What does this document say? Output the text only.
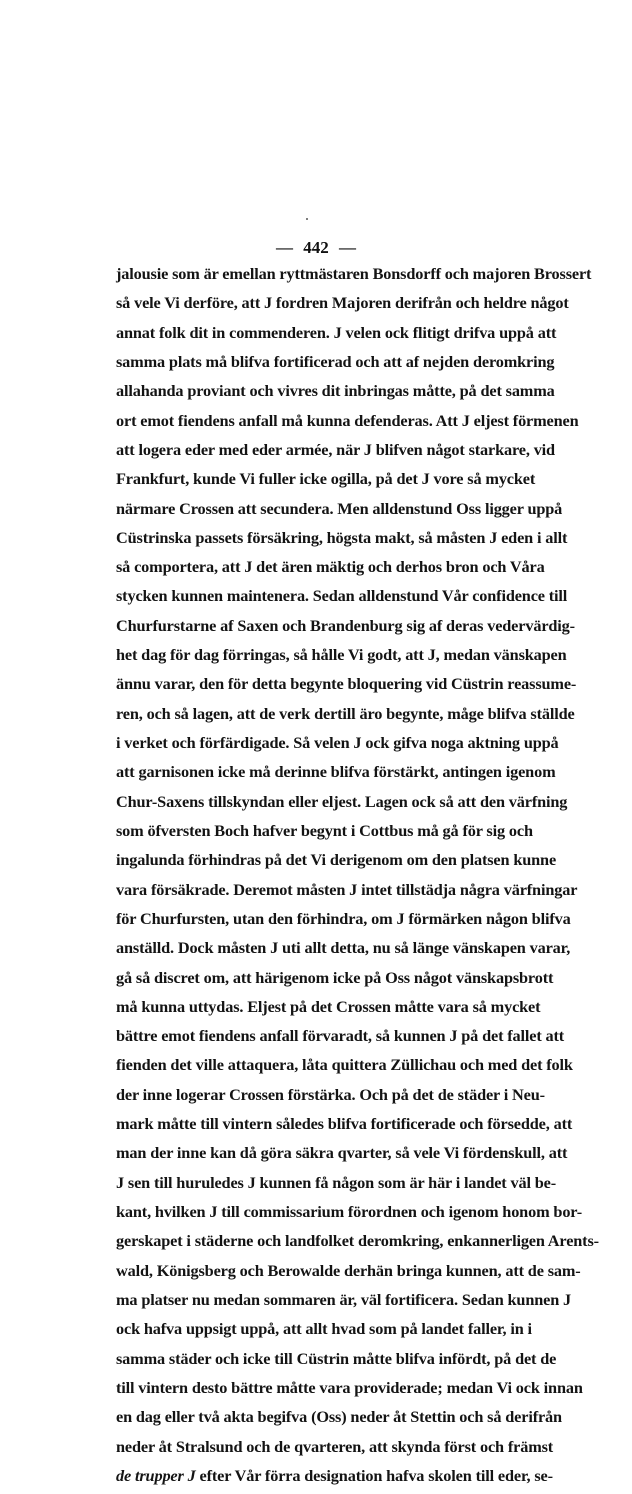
— 442 —
jalousie som är emellan ryttmästaren Bonsdorff och majoren Brossert
så vele Vi derföre, att J fordren Majoren derifrån och heldre något
annat folk dit in commenderen. J velen ock flitigt drifva uppå att
samma plats må blifva fortificerad och att af nejden deromkring
allahanda proviant och vivres dit inbringas måtte, på det samma
ort emot fiendens anfall må kunna defenderas. Att J eljest förmenen
att logera eder med eder armée, när J blifven något starkare, vid
Frankfurt, kunde Vi fuller icke ogilla, på det J vore så mycket
närmare Crossen att secundera. Men alldenstund Oss ligger uppå
Cüstrinska passets försäkring, högsta makt, så måsten J eden i allt
så comportera, att J det ären mäktig och derhos bron och Våra
stycken kunnen maintenera. Sedan alldenstund Vår confidence till
Churfurstarne af Saxen och Brandenburg sig af deras vedervärdig-
het dag för dag förringas, så hålle Vi godt, att J, medan vänskapen
ännu varar, den för detta begynte bloquering vid Cüstrin reassume-
ren, och så lagen, att de verk dertill äro begynte, måge blifva ställde
i verket och förfärdigade. Så velen J ock gifva noga aktning uppå
att garnisonen icke må derinne blifva förstärkt, antingen igenom
Chur-Saxens tillskyndan eller eljest. Lagen ock så att den värfning
som öfversten Boch hafver begynt i Cottbus må gå för sig och
ingalunda förhindras på det Vi derigenom om den platsen kunne
vara försäkrade. Deremot måsten J intet tillstädja några värfningar
för Churfursten, utan den förhindra, om J förmärken någon blifva
anställd. Dock måsten J uti allt detta, nu så länge vänskapen varar,
gå så discret om, att härigenom icke på Oss något vänskapsbrott
må kunna uttydas. Eljest på det Crossen måtte vara så mycket
bättre emot fiendens anfall förvaradt, så kunnen J på det fallet att
fienden det ville attaquera, låta quittera Züllichau och med det folk
der inne logerar Crossen förstärka. Och på det de städer i Neu-
mark måtte till vintern således blifva fortificerade och försedde, att
man der inne kan då göra säkra qvarter, så vele Vi fördenskull, att
J sen till huruledes J kunnen få någon som är här i landet väl be-
kant, hvilken J till commissarium förordnen och igenom honom bor-
gerskapet i städerne och landfolket deromkring, enkannerligen Arents-
wald, Königsberg och Berowalde derhän bringa kunnen, att de sam-
ma platser nu medan sommaren är, väl fortificera. Sedan kunnen J
ock hafva uppsigt uppå, att allt hvad som på landet faller, in i
samma städer och icke till Cüstrin måtte blifva infördt, på det de
till vintern desto bättre måtte vara providerade; medan Vi ock innan
en dag eller två akta begifva (Oss) neder åt Stettin och så derifrån
neder åt Stralsund och de qvarteren, att skynda först och främst
de trupper J efter Vår förra designation hafva skolen till eder, se-
